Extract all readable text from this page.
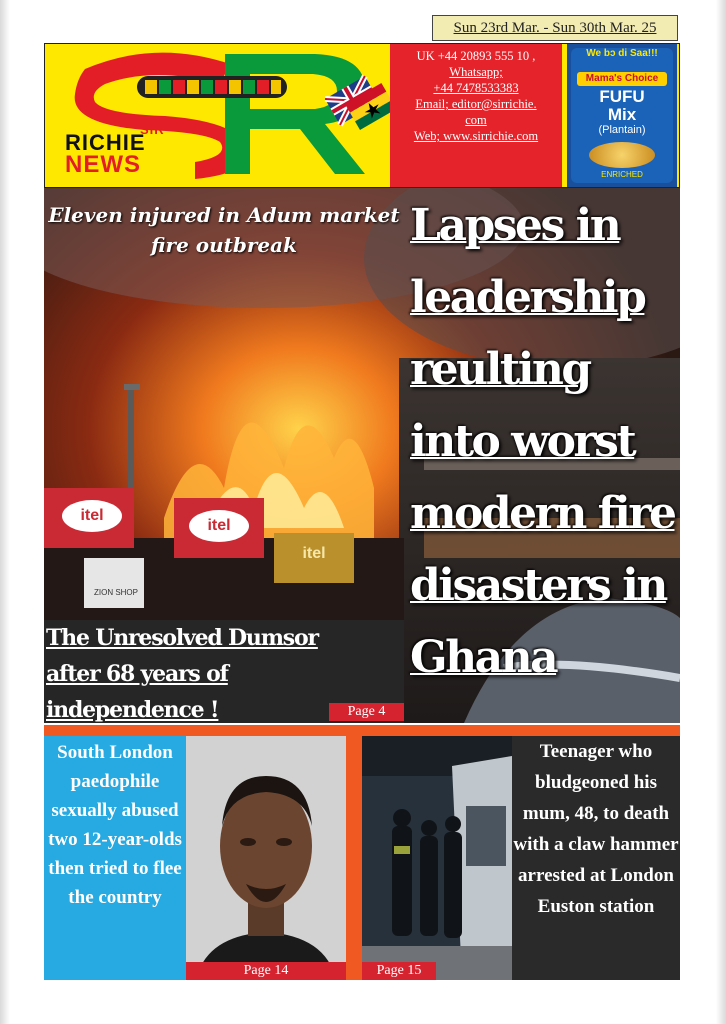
Sun 23rd Mar. - Sun 30th Mar. 25
SIR
RICHIE
NEWS
UK +44 20893 555 10 ,
Whatsapp;
+44 7478533383
Email; editor@sirrichie.
com
Web; www.sirrichie.com
We bɔ di Saa!!!
Mama's Choice
FUFU
Mix
(Plantain)
ENRICHED
itel
itel
itel
ZION SHOP
Eleven injured in Adum market fire outbreak	Lapses in
leadership
reulting
into worst
modern fire
disasters in
Ghana
The Unresolved Dumsor
after 68 years of
independence !	Page 4
South London paedophile sexually abused two 12-year-olds then tried to flee the country
Page 14	Page 15
Teenager who bludgeoned his mum, 48, to death with a claw hammer arrested at London Euston station
